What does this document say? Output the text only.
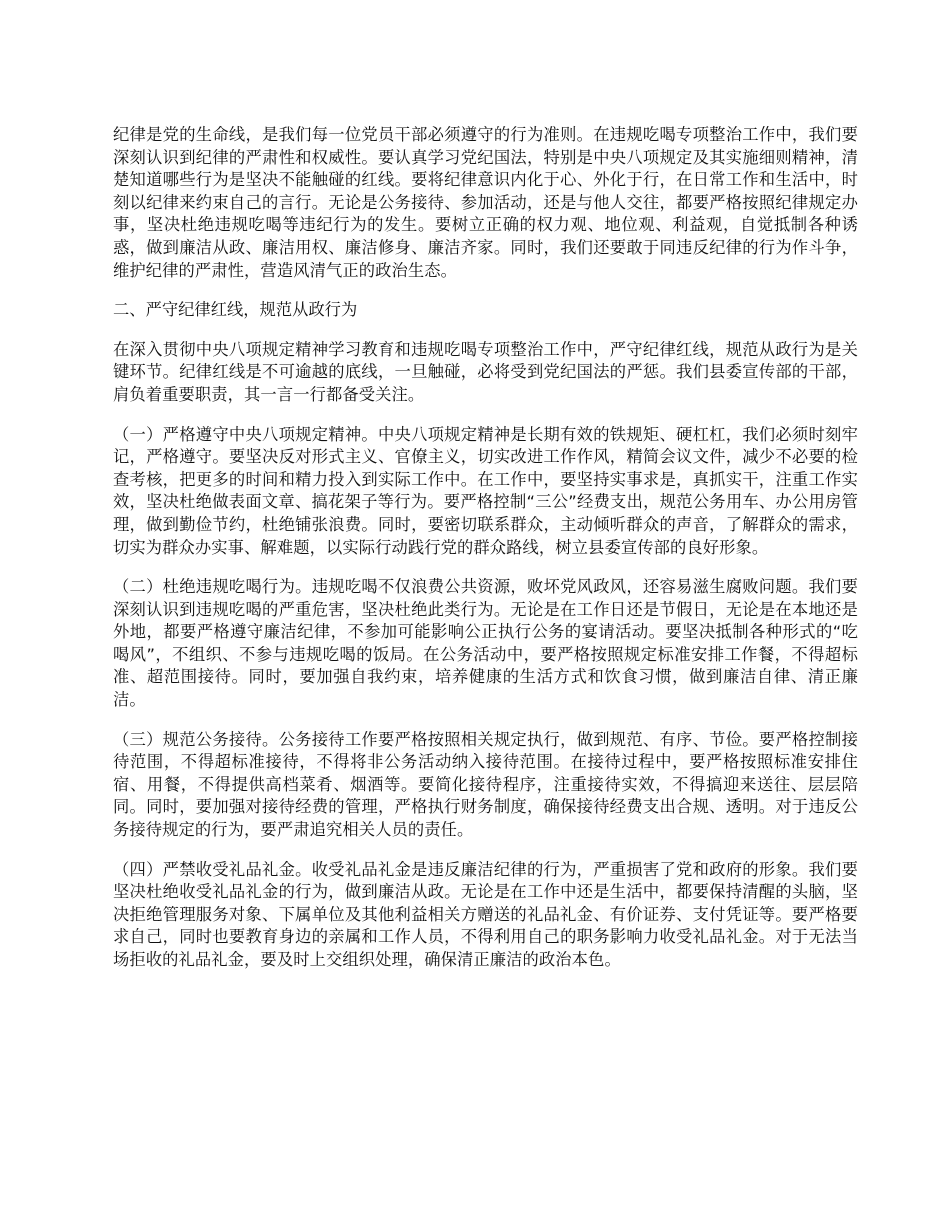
纪律是党的生命线，是我们每一位党员干部必须遵守的行为准则。在违规吃喝专项整治工作中，我们要深刻认识到纪律的严肃性和权威性。要认真学习党纪国法，特别是中央八项规定及其实施细则精神，清楚知道哪些行为是坚决不能触碰的红线。要将纪律意识内化于心、外化于行，在日常工作和生活中，时刻以纪律来约束自己的言行。无论是公务接待、参加活动，还是与他人交往，都要严格按照纪律规定办事，坚决杜绝违规吃喝等违纪行为的发生。要树立正确的权力观、地位观、利益观，自觉抵制各种诱惑，做到廉洁从政、廉洁用权、廉洁修身、廉洁齐家。同时，我们还要敢于同违反纪律的行为作斗争，维护纪律的严肃性，营造风清气正的政治生态。

二、严守纪律红线，规范从政行为

在深入贯彻中央八项规定精神学习教育和违规吃喝专项整治工作中，严守纪律红线，规范从政行为是关键环节。纪律红线是不可逾越的底线，一旦触碰，必将受到党纪国法的严惩。我们县委宣传部的干部，肩负着重要职责，其一言一行都备受关注。

（一）严格遵守中央八项规定精神。中央八项规定精神是长期有效的铁规矩、硬杠杠，我们必须时刻牢记，严格遵守。要坚决反对形式主义、官僚主义，切实改进工作作风，精简会议文件，减少不必要的检查考核，把更多的时间和精力投入到实际工作中。在工作中，要坚持实事求是，真抓实干，注重工作实效，坚决杜绝做表面文章、搞花架子等行为。要严格控制“三公”经费支出，规范公务用车、办公用房管理，做到勤俭节约，杜绝铺张浪费。同时，要密切联系群众，主动倾听群众的声音，了解群众的需求，切实为群众办实事、解难题，以实际行动践行党的群众路线，树立县委宣传部的良好形象。

（二）杜绝违规吃喝行为。违规吃喝不仅浪费公共资源，败坏党风政风，还容易滋生腐败问题。我们要深刻认识到违规吃喝的严重危害，坚决杜绝此类行为。无论是在工作日还是节假日，无论是在本地还是外地，都要严格遵守廉洁纪律，不参加可能影响公正执行公务的宴请活动。要坚决抵制各种形式的“吃喝风”，不组织、不参与违规吃喝的饭局。在公务活动中，要严格按照规定标准安排工作餐，不得超标准、超范围接待。同时，要加强自我约束，培养健康的生活方式和饮食习惯，做到廉洁自律、清正廉洁。

（三）规范公务接待。公务接待工作要严格按照相关规定执行，做到规范、有序、节俭。要严格控制接待范围，不得超标准接待，不得将非公务活动纳入接待范围。在接待过程中，要严格按照标准安排住宿、用餐，不得提供高档菜肴、烟酒等。要简化接待程序，注重接待实效，不得搞迎来送往、层层陪同。同时，要加强对接待经费的管理，严格执行财务制度，确保接待经费支出合规、透明。对于违反公务接待规定的行为，要严肃追究相关人员的责任。

（四）严禁收受礼品礼金。收受礼品礼金是违反廉洁纪律的行为，严重损害了党和政府的形象。我们要坚决杜绝收受礼品礼金的行为，做到廉洁从政。无论是在工作中还是生活中，都要保持清醒的头脑，坚决拒绝管理服务对象、下属单位及其他利益相关方赠送的礼品礼金、有价证券、支付凭证等。要严格要求自己，同时也要教育身边的亲属和工作人员，不得利用自己的职务影响力收受礼品礼金。对于无法当场拒收的礼品礼金，要及时上交组织处理，确保清正廉洁的政治本色。
